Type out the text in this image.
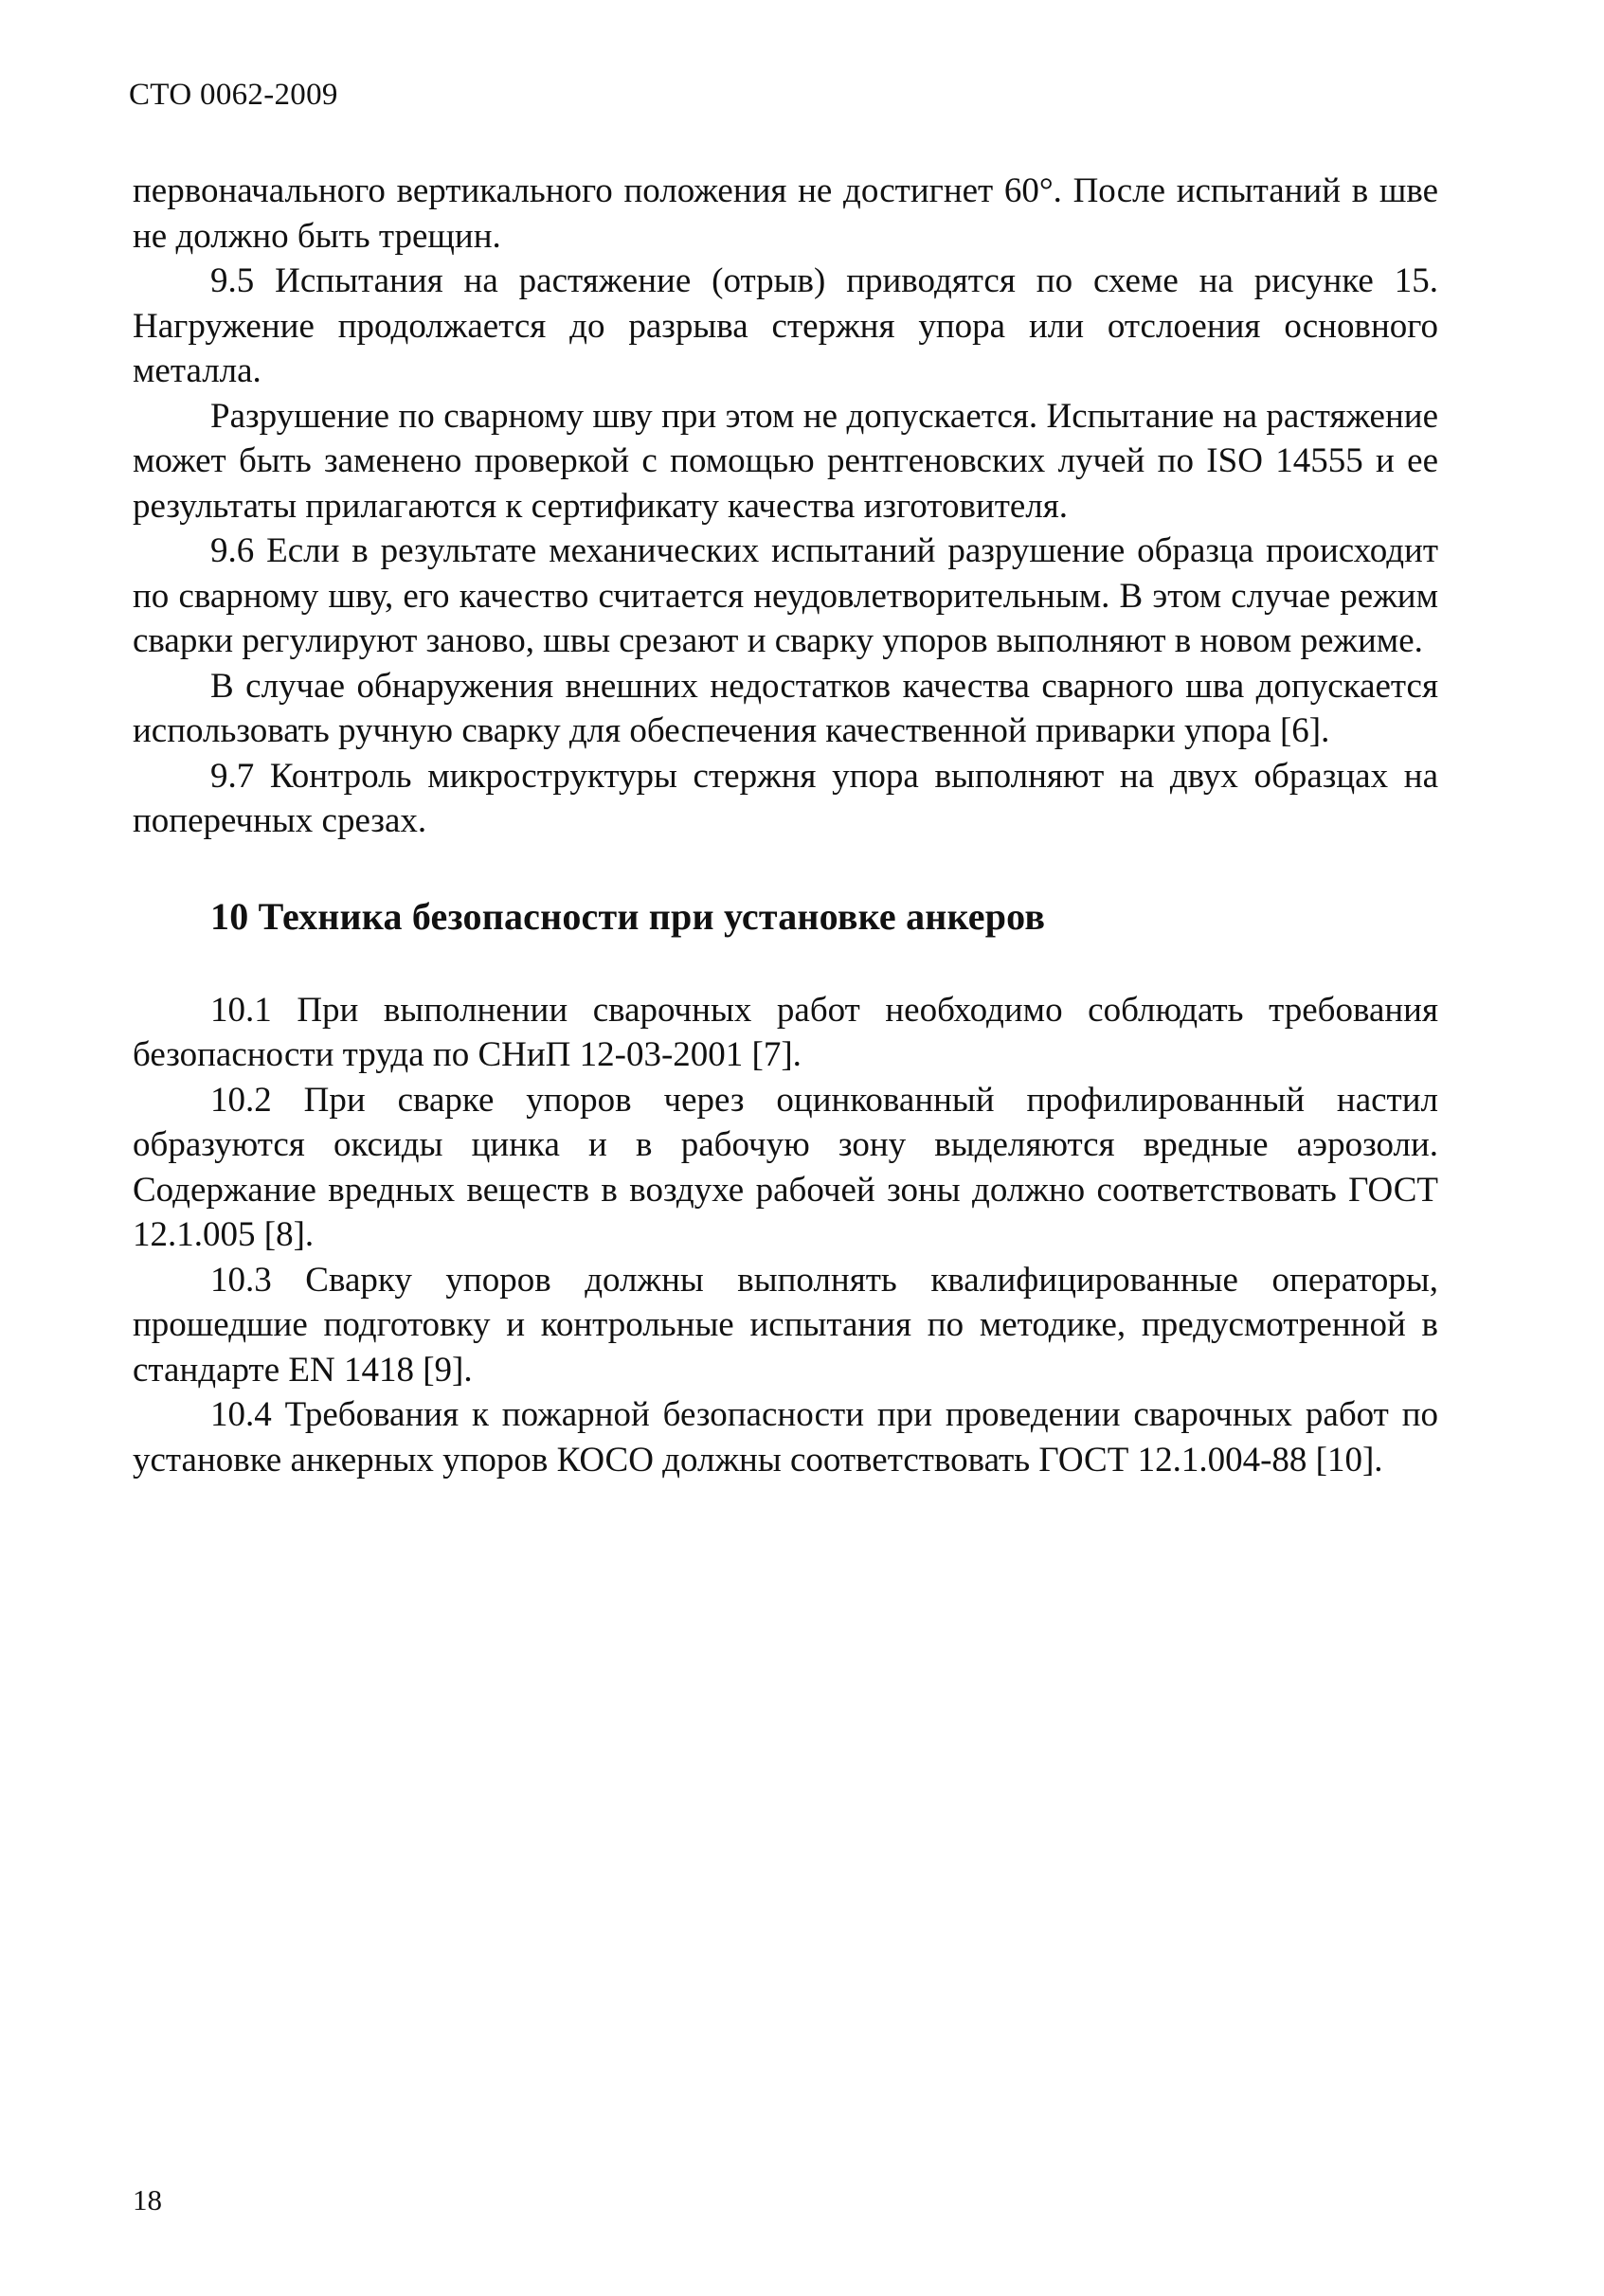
СТО 0062-2009

первоначального вертикального положения не достигнет 60°. После испытаний в шве не должно быть трещин.

9.5 Испытания на растяжение (отрыв) приводятся по схеме на рисунке 15. Нагружение продолжается до разрыва стержня упора или отслоения основного металла.

Разрушение по сварному шву при этом не допускается. Испытание на растяжение может быть заменено проверкой с помощью рентгеновских лучей по ISO 14555 и ее результаты прилагаются к сертификату качества изготовителя.

9.6 Если в результате механических испытаний разрушение образца происходит по сварному шву, его качество считается неудовлетворительным. В этом случае режим сварки регулируют заново, швы срезают и сварку упоров выполняют в новом режиме.

В случае обнаружения внешних недостатков качества сварного шва допускается использовать ручную сварку для обеспечения качественной приварки упора [6].

9.7 Контроль микроструктуры стержня упора выполняют на двух образцах на поперечных срезах.

10 Техника безопасности при установке анкеров

10.1 При выполнении сварочных работ необходимо соблюдать требования безопасности труда по СНиП 12-03-2001 [7].

10.2 При сварке упоров через оцинкованный профилированный настил образуются оксиды цинка и в рабочую зону выделяются вредные аэрозоли. Содержание вредных веществ в воздухе рабочей зоны должно соответствовать ГОСТ 12.1.005 [8].

10.3 Сварку упоров должны выполнять квалифицированные операторы, прошедшие подготовку и контрольные испытания по методике, предусмотренной в стандарте EN 1418 [9].

10.4 Требования к пожарной безопасности при проведении сварочных работ по установке анкерных упоров КОСО должны соответствовать ГОСТ 12.1.004-88 [10].

18
